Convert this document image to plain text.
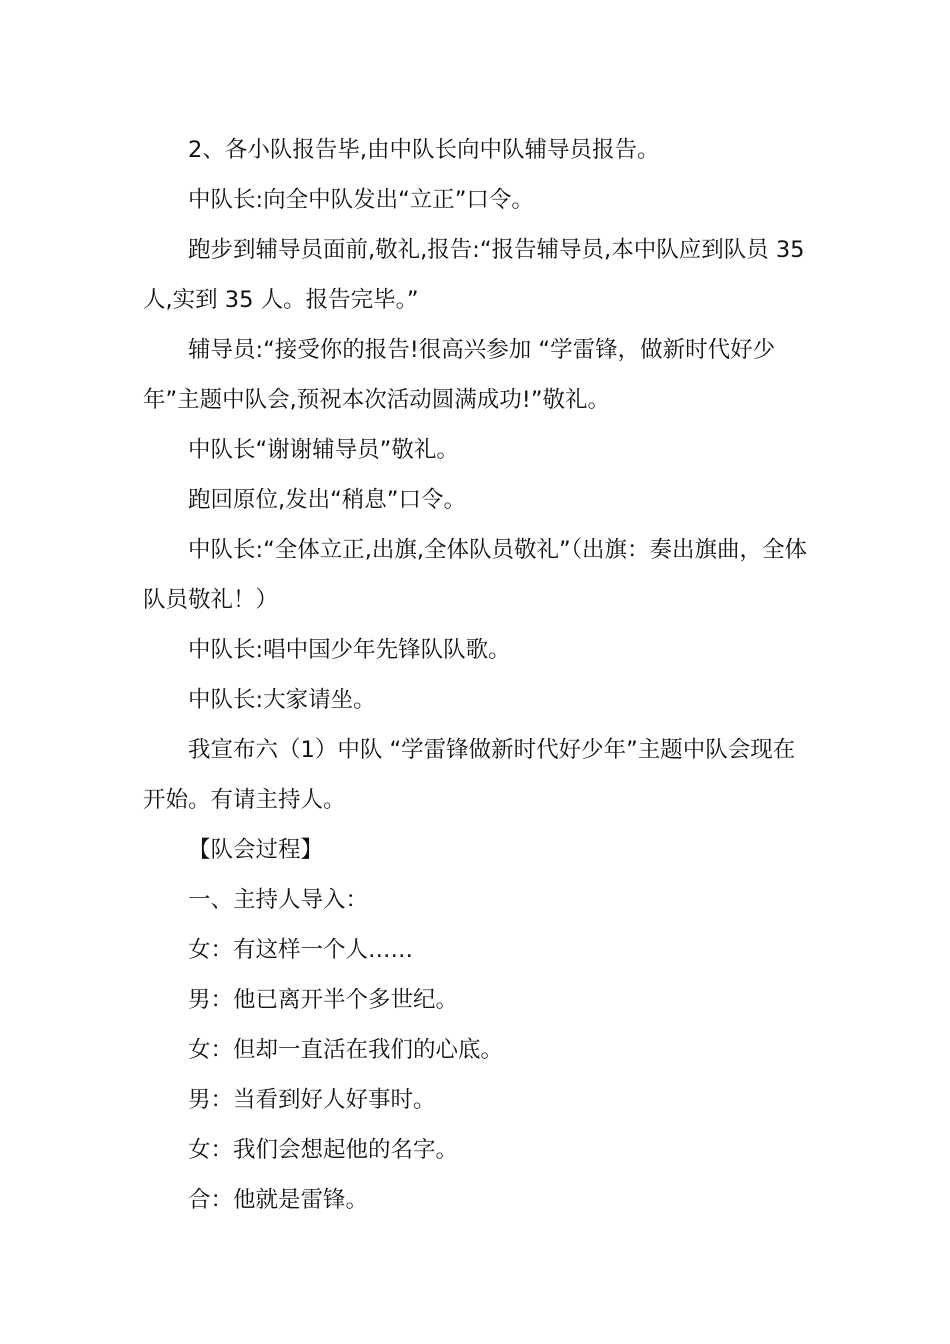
2、各小队报告毕,由中队长向中队辅导员报告。

中队长:向全中队发出“立正”口令。

跑步到辅导员面前,敬礼,报告:“报告辅导员,本中队应到队员 35 人,实到 35 人。报告完毕。”

辅导员:“接受你的报告!很高兴参加 “学雷锋，做新时代好少年”主题中队会,预祝本次活动圆满成功!”敬礼。

中队长“谢谢辅导员”敬礼。

跑回原位,发出“稍息”口令。

中队长:“全体立正,出旗,全体队员敬礼”（出旗：奏出旗曲，全体队员敬礼！）

中队长:唱中国少年先锋队队歌。

中队长:大家请坐。

我宣布六（1）中队 “学雷锋做新时代好少年”主题中队会现在开始。有请主持人。

【队会过程】

一、主持人导入：

女：有这样一个人……

男：他已离开半个多世纪。

女：但却一直活在我们的心底。

男：当看到好人好事时。

女：我们会想起他的名字。

合：他就是雷锋。
